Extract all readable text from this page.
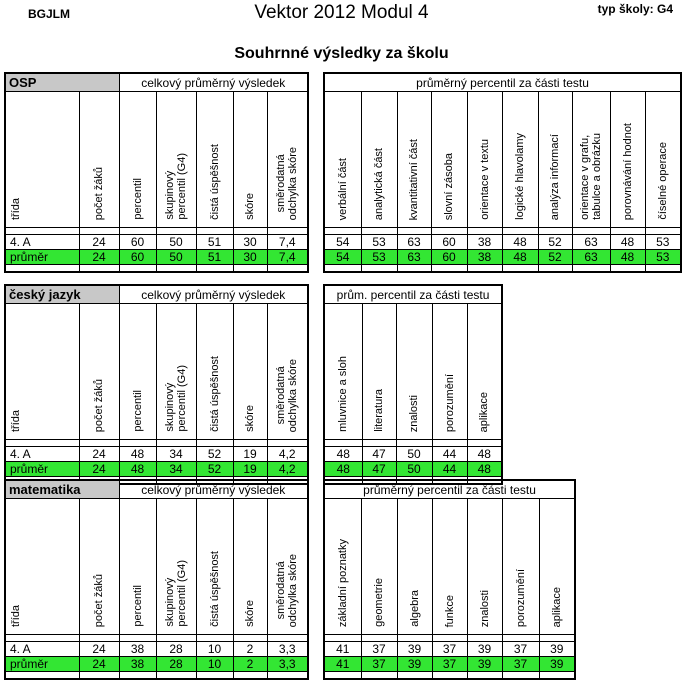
BGJLM	Vektor 2012 Modul 4	typ školy: G4
Souhrnné výsledky za školu
OSP		celkový průměrný výsledek				
třída	počet žáků	percentil	skupinový
percentil (G4)	čistá úspěšnost	skóre	směrodatná
odchylka skóre

4. A	24	60	50	51	30	7,4
průměr	24	60	50	51	30	7,4

průměrný percentil za části testu									
verbální část	analytická část	kvantitativní část	slovní zásoba	orientace v textu	logické hlavolamy	analýza informací	orientace v grafu,
tabulce a obrázku	porovnávání hodnot	číselné operace

54	53	63	60	38	48	52	63	48	53
54	53	63	60	38	48	52	63	48	53

český jazyk		celkový průměrný výsledek				
třída	počet žáků	percentil	skupinový
percentil (G4)	čistá úspěšnost	skóre	směrodatná
odchylka skóre

4. A	24	48	34	52	19	4,2
průměr	24	48	34	52	19	4,2

prům. percentil za části testu				
mluvnice a sloh	literatura	znalosti	porozumění	aplikace

48	47	50	44	48
48	47	50	44	48

matematika		celkový průměrný výsledek				
třída	počet žáků	percentil	skupinový
percentil (G4)	čistá úspěšnost	skóre	směrodatná
odchylka skóre

4. A	24	38	28	10	2	3,3
průměr	24	38	28	10	2	3,3

průměrný percentil za části testu						
základní poznatky	geometrie	algebra	funkce	znalosti	porozumění	aplikace

41	37	39	37	39	37	39
41	37	39	37	39	37	39
